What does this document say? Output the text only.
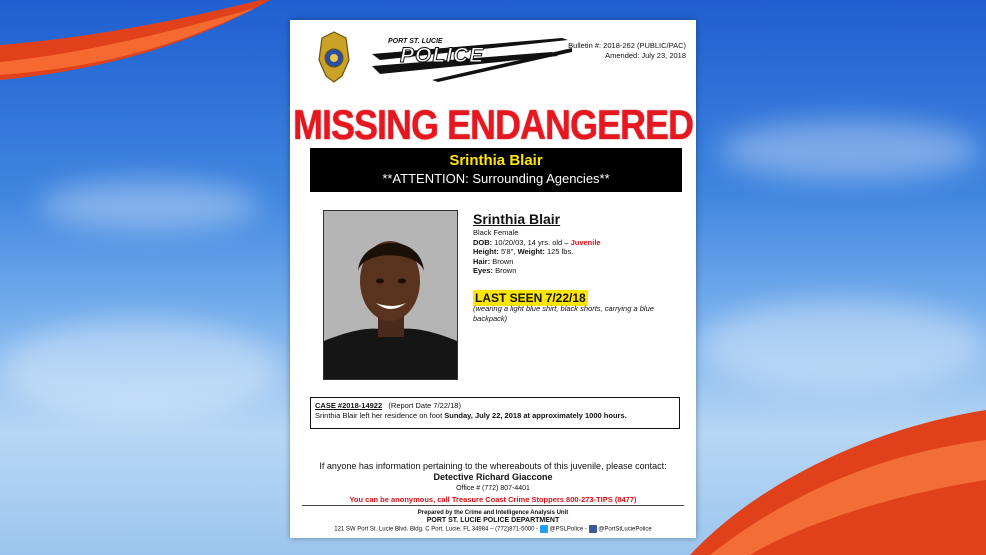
PORT ST. LUCIE
POLICE	Bulletin #: 2018-262 (PUBLIC/PAC)
Amended: July 23, 2018
MISSING ENDANGERED
Srinthia Blair
**ATTENTION: Surrounding Agencies**
Srinthia Blair
Black Female
DOB: 10/20/03, 14 yrs. old – Juvenile
Height: 5'8", Weight: 125 lbs.
Hair: Brown
Eyes: Brown
LAST SEEN 7/22/18
(wearing a light blue shirt, black shorts, carrying a blue backpack)
CASE #2018-14922 (Report Date 7/22/18)
Srinthia Blair left her residence on foot Sunday, July 22, 2018 at approximately 1000 hours.
If anyone has information pertaining to the whereabouts of this juvenile, please contact:
Detective Richard Giaccone
Office # (772) 807-4401
You can be anonymous, call Treasure Coast Crime Stoppers 800-273-TIPS (8477)
Prepared by the Crime and Intelligence Analysis Unit
PORT ST. LUCIE POLICE DEPARTMENT
121 SW Port St. Lucie Blvd. Bldg. C Port. Lucie, FL 34984 – (772)871-5000 - @PSLPolice - @PortStLuciePolice
